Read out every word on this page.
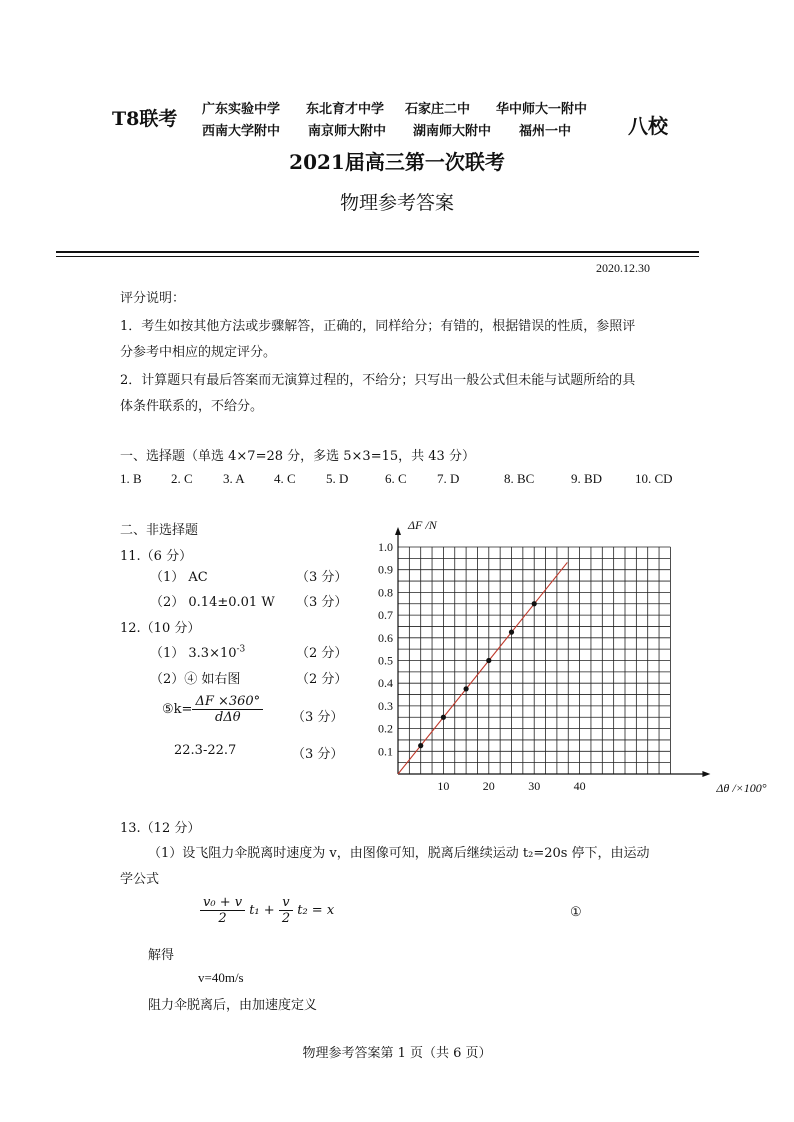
T8联考 广东实验中学 东北育才中学 石家庄二中 华中师大一附中
西南大学附中 南京师大附中 湖南师大附中 福州一中	八校
2021届高三第一次联考
物理参考答案
2020.12.30
评分说明：
1．考生如按其他方法或步骤解答，正确的，同样给分；有错的，根据错误的性质，参照评
分参考中相应的规定评分。
2．计算题只有最后答案而无演算过程的，不给分；只写出一般公式但未能与试题所给的具
体条件联系的，不给分。
一、选择题（单选 4×7=28 分，多选 5×3=15，共 43 分）
1. B 2. C 3. A 4. C 5. D	6. C 7. D	8. BC	9. BD	10. CD
二、非选择题
11.（6 分）
（1） AC	（3 分）
（2） 0.14±0.01 W （3 分）
12.（10 分）
（1） $3.3\times 10^{-3}$	（2 分）
（2）④ 如右图	（2 分）
⑤k= $\frac{\Delta F \times 360^\circ}{\text{dΔθ}} (3$ 分）
22.3-22.7	（3 分）
10	20	30	40
0.1
0.2
0.3
0.4
0.5
0.6
0.7
0.8
0.9
1.0
ΔF /N
Δθ /×100°
13.（12 分）
（1）设飞阻力伞脱离时速度为 v，由图像可知，脱离后继续运动 t₂=20s 停下，由运动
学公式
$\frac{\text{v₀ + v}}{2} t_1 + \frac{v}{2} t_2 = x$	①
解得
v=40m/s
阻力伞脱离后，由加速度定义
物理参考答案第 1 页（共 6 页）
